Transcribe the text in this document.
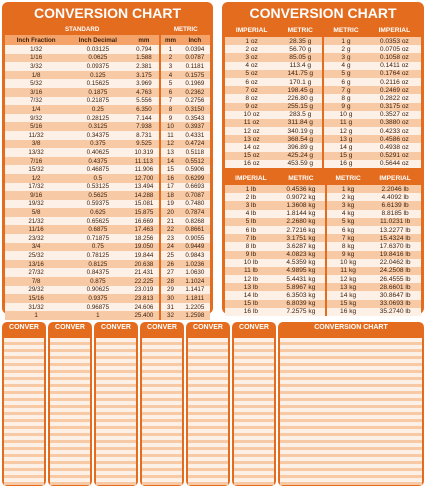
CONVERSION CHART
STANDARD			METRIC	
Inch Fraction	Inch Decimal	mm	mm	Inch
1/32	0.03125	0.794	1	0.0394
1/16	0.0625	1.588	2	0.0787
3/32	0.09375	2.381	3	0.1181
1/8	0.125	3.175	4	0.1575
5/32	0.15625	3.969	5	0.1969
3/16	0.1875	4.763	6	0.2362
7/32	0.21875	5.556	7	0.2756
1/4	0.25	6.350	8	0.3150
9/32	0.28125	7.144	9	0.3543
5/16	0.3125	7.938	10	0.3937
11/32	0.34375	8.731	11	0.4331
3/8	0.375	9.525	12	0.4724
13/32	0.40625	10.319	13	0.5118
7/16	0.4375	11.113	14	0.5512
15/32	0.46875	11.906	15	0.5906
1/2	0.5	12.700	16	0.6299
17/32	0.53125	13.494	17	0.6693
9/16	0.5625	14.288	18	0.7087
19/32	0.59375	15.081	19	0.7480
5/8	0.625	15.875	20	0.7874
21/32	0.65625	16.669	21	0.8268
11/16	0.6875	17.463	22	0.8661
23/32	0.71875	18.256	23	0.9055
3/4	0.75	19.050	24	0.9449
25/32	0.78125	19.844	25	0.9843
13/16	0.8125	20.638	26	1.0236
27/32	0.84375	21.431	27	1.0630
7/8	0.875	22.225	28	1.1024
29/32	0.90625	23.019	29	1.1417
15/16	0.9375	23.813	30	1.1811
31/32	0.96875	24.606	31	1.2205
1	1	25.400	32	1.2598
CONVERSION CHART
IMPERIAL	METRIC	METRIC	IMPERIAL
1 oz	28.35 g	1 g	0.0353 oz
2 oz	56.70 g	2 g	0.0705 oz
3 oz	85.05 g	3 g	0.1058 oz
4 oz	113.4 g	4 g	0.1411 oz
5 oz	141.75 g	5 g	0.1764 oz
6 oz	170.1 g	6 g	0.2116 oz
7 oz	198.45 g	7 g	0.2469 oz
8 oz	226.80 g	8 g	0.2822 oz
9 oz	255.15 g	9 g	0.3175 oz
10 oz	283.5 g	10 g	0.3527 oz
11 oz	311.84 g	11 g	0.3880 oz
12 oz	340.19 g	12 g	0.4233 oz
13 oz	368.54 g	13 g	0.4586 oz
14 oz	396.89 g	14 g	0.4938 oz
15 oz	425.24 g	15 g	0.5291 oz
16 oz	453.59 g	16 g	0.5644 oz
IMPERIAL	METRIC	METRIC	IMPERIAL
1 lb	0.4536 kg	1 kg	2.2046 lb
2 lb	0.9072 kg	2 kg	4.4092 lb
3 lb	1.3608 kg	3 kg	6.6139 lb
4 lb	1.8144 kg	4 kg	8.8185 lb
5 lb	2.2680 kg	5 kg	11.0231 lb
6 lb	2.7216 kg	6 kg	13.2277 lb
7 lb	3.1751 kg	7 kg	15.4324 lb
8 lb	3.6287 kg	8 kg	17.6370 lb
9 lb	4.0823 kg	9 kg	19.8416 lb
10 lb	4.5359 kg	10 kg	22.0462 lb
11 lb	4.9895 kg	11 kg	24.2508 lb
12 lb	5.4431 kg	12 kg	26.4555 lb
13 lb	5.8967 kg	13 kg	28.6601 lb
14 lb	6.3503 kg	14 kg	30.8647 lb
15 lb	6.8039 kg	15 kg	33.0693 lb
16 lb	7.2575 kg	16 kg	35.2740 lb
CONVER	CONVER	CONVER	CONVER	CONVER	CONVER	CONVERSION CHART
